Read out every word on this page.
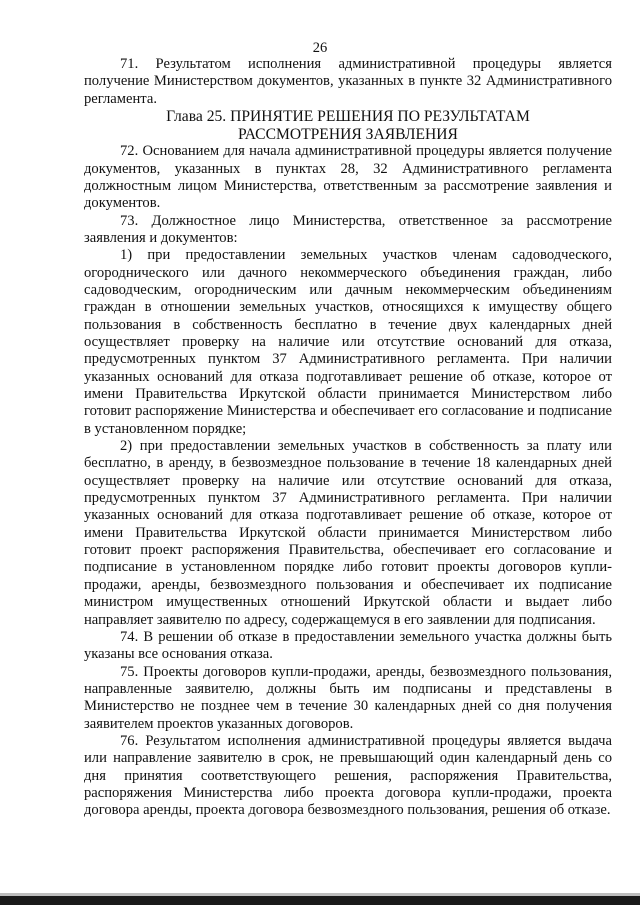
26

71. Результатом исполнения административной процедуры является получение Министерством документов, указанных в пункте 32 Административного регламента.

Глава 25. ПРИНЯТИЕ РЕШЕНИЯ ПО РЕЗУЛЬТАТАМ РАССМОТРЕНИЯ ЗАЯВЛЕНИЯ

72. Основанием для начала административной процедуры является получение документов, указанных в пунктах 28, 32 Административного регламента должностным лицом Министерства, ответственным за рассмотрение заявления и документов.

73. Должностное лицо Министерства, ответственное за рассмотрение заявления и документов:

1) при предоставлении земельных участков членам садоводческого, огороднического или дачного некоммерческого объединения граждан, либо садоводческим, огородническим или дачным некоммерческим объединениям граждан в отношении земельных участков, относящихся к имуществу общего пользования в собственность бесплатно в течение двух календарных дней осуществляет проверку на наличие или отсутствие оснований для отказа, предусмотренных пунктом 37 Административного регламента. При наличии указанных оснований для отказа подготавливает решение об отказе, которое от имени Правительства Иркутской области принимается Министерством либо готовит распоряжение Министерства и обеспечивает его согласование и подписание в установленном порядке;

2) при предоставлении земельных участков в собственность за плату или бесплатно, в аренду, в безвозмездное пользование в течение 18 календарных дней осуществляет проверку на наличие или отсутствие оснований для отказа, предусмотренных пунктом 37 Административного регламента. При наличии указанных оснований для отказа подготавливает решение об отказе, которое от имени Правительства Иркутской области принимается Министерством либо готовит проект распоряжения Правительства, обеспечивает его согласование и подписание в установленном порядке либо готовит проекты договоров купли-продажи, аренды, безвозмездного пользования и обеспечивает их подписание министром имущественных отношений Иркутской области и выдает либо направляет заявителю по адресу, содержащемуся в его заявлении для подписания.

74. В решении об отказе в предоставлении земельного участка должны быть указаны все основания отказа.

75. Проекты договоров купли-продажи, аренды, безвозмездного пользования, направленные заявителю, должны быть им подписаны и представлены в Министерство не позднее чем в течение 30 календарных дней со дня получения заявителем проектов указанных договоров.

76. Результатом исполнения административной процедуры является выдача или направление заявителю в срок, не превышающий один календарный день со дня принятия соответствующего решения, распоряжения Правительства, распоряжения Министерства либо проекта договора купли-продажи, проекта договора аренды, проекта договора безвозмездного пользования, решения об отказе.
